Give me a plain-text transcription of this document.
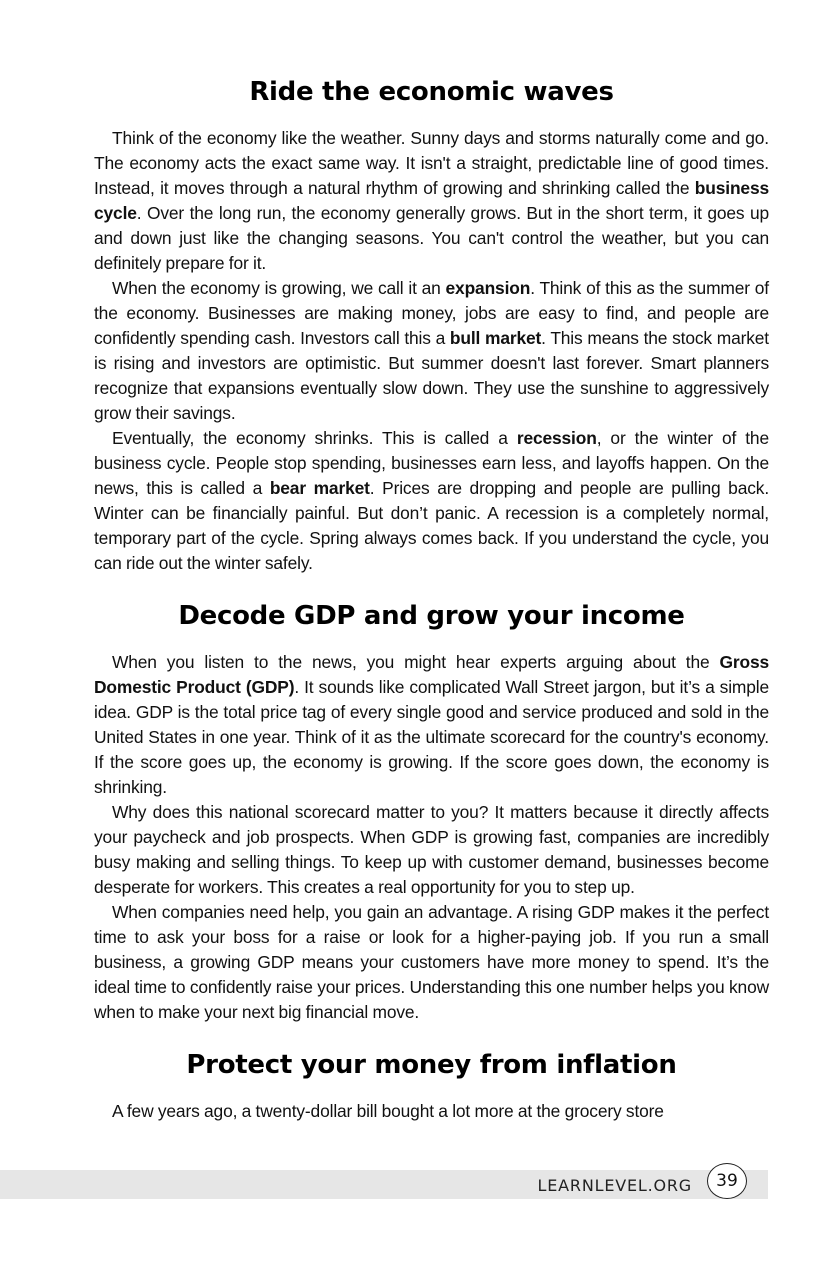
Ride the economic waves

Think of the economy like the weather. Sunny days and storms naturally come and go. The economy acts the exact same way. It isn't a straight, predictable line of good times. Instead, it moves through a natural rhythm of growing and shrinking called the business cycle. Over the long run, the economy generally grows. But in the short term, it goes up and down just like the changing seasons. You can't control the weather, but you can definitely prepare for it.

When the economy is growing, we call it an expansion. Think of this as the summer of the economy. Businesses are making money, jobs are easy to find, and people are confidently spending cash. Investors call this a bull market. This means the stock market is rising and investors are optimistic. But summer doesn't last forever. Smart planners recognize that expansions eventually slow down. They use the sunshine to aggressively grow their savings.

Eventually, the economy shrinks. This is called a recession, or the winter of the business cycle. People stop spending, businesses earn less, and layoffs happen. On the news, this is called a bear market. Prices are dropping and people are pulling back. Winter can be financially painful. But don’t panic. A recession is a completely normal, temporary part of the cycle. Spring always comes back. If you understand the cycle, you can ride out the winter safely.

Decode GDP and grow your income

When you listen to the news, you might hear experts arguing about the Gross Domestic Product (GDP). It sounds like complicated Wall Street jargon, but it’s a simple idea. GDP is the total price tag of every single good and service produced and sold in the United States in one year. Think of it as the ultimate scorecard for the country's economy. If the score goes up, the economy is growing. If the score goes down, the economy is shrinking.

Why does this national scorecard matter to you? It matters because it directly affects your paycheck and job prospects. When GDP is growing fast, companies are incredibly busy making and selling things. To keep up with customer demand, businesses become desperate for workers. This creates a real opportunity for you to step up.

When companies need help, you gain an advantage. A rising GDP makes it the perfect time to ask your boss for a raise or look for a higher-paying job. If you run a small business, a growing GDP means your customers have more money to spend. It’s the ideal time to confidently raise your prices. Understanding this one number helps you know when to make your next big financial move.

Protect your money from inflation

A few years ago, a twenty-dollar bill bought a lot more at the grocery store

LEARNLEVEL.ORG	39
